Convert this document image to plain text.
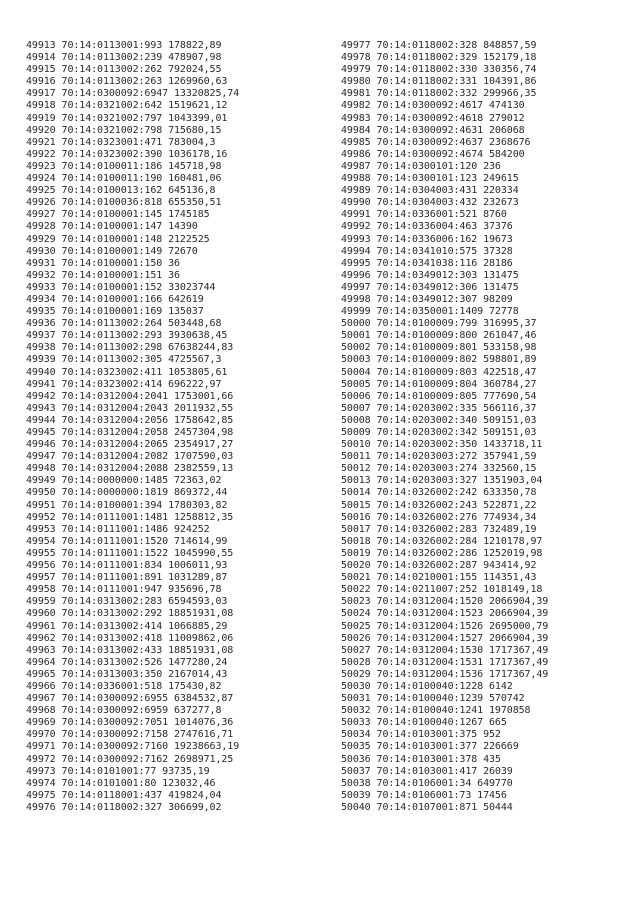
49913 70:14:0113001:993 178822,89
49914 70:14:0113002:239 478907,98
49915 70:14:0113002:262 792024,55
49916 70:14:0113002:263 1269960,63
49917 70:14:0300092:6947 13320825,74
49918 70:14:0321002:642 1519621,12
49919 70:14:0321002:797 1043399,01
49920 70:14:0321002:798 715680,15
49921 70:14:0323001:471 783004,3
49922 70:14:0323002:390 1036178,16
49923 70:14:0100011:186 145718,98
49924 70:14:0100011:190 160481,06
49925 70:14:0100013:162 645136,8
49926 70:14:0100036:818 655350,51
49927 70:14:0100001:145 1745185
49928 70:14:0100001:147 14390
49929 70:14:0100001:148 2122525
49930 70:14:0100001:149 72670
49931 70:14:0100001:150 36
49932 70:14:0100001:151 36
49933 70:14:0100001:152 33023744
49934 70:14:0100001:166 642619
49935 70:14:0100001:169 135037
49936 70:14:0113002:264 503448,68
49937 70:14:0113002:293 3930638,45
49938 70:14:0113002:298 67638244,83
49939 70:14:0113002:305 4725567,3
49940 70:14:0323002:411 1053805,61
49941 70:14:0323002:414 696222,97
49942 70:14:0312004:2041 1753001,66
49943 70:14:0312004:2043 2011932,55
49944 70:14:0312004:2056 1758642,85
49945 70:14:0312004:2058 2457304,98
49946 70:14:0312004:2065 2354917,27
49947 70:14:0312004:2082 1707590,03
49948 70:14:0312004:2088 2382559,13
49949 70:14:0000000:1485 72363,02
49950 70:14:0000000:1819 869372,44
49951 70:14:0100001:394 1780303,82
49952 70:14:0111001:1481 1258812,35
49953 70:14:0111001:1486 924252
49954 70:14:0111001:1520 714614,99
49955 70:14:0111001:1522 1045990,55
49956 70:14:0111001:834 1006011,93
49957 70:14:0111001:891 1031289,87
49958 70:14:0111001:947 935696,78
49959 70:14:0313002:283 6594593,03
49960 70:14:0313002:292 18851931,08
49961 70:14:0313002:414 1066885,29
49962 70:14:0313002:418 11009862,06
49963 70:14:0313002:433 18851931,08
49964 70:14:0313002:526 1477280,24
49965 70:14:0313003:350 2167014,43
49966 70:14:0336001:518 175430,82
49967 70:14:0300092:6955 6384532,87
49968 70:14:0300092:6959 637277,8
49969 70:14:0300092:7051 1014076,36
49970 70:14:0300092:7158 2747616,71
49971 70:14:0300092:7160 19238663,19
49972 70:14:0300092:7162 2698971,25
49973 70:14:0101001:77 93735,19
49974 70:14:0101001:80 123032,46
49975 70:14:0118001:437 419824,04
49976 70:14:0118002:327 306699,02
49977 70:14:0118002:328 848857,59
49978 70:14:0118002:329 152179,18
49979 70:14:0118002:330 330356,74
49980 70:14:0118002:331 104391,86
49981 70:14:0118002:332 299966,35
49982 70:14:0300092:4617 474130
49983 70:14:0300092:4618 279012
49984 70:14:0300092:4631 206068
49985 70:14:0300092:4637 2368676
49986 70:14:0300092:4674 584200
49987 70:14:0300101:120 236
49988 70:14:0300101:123 249615
49989 70:14:0304003:431 220334
49990 70:14:0304003:432 232673
49991 70:14:0336001:521 8760
49992 70:14:0336004:463 37376
49993 70:14:0336006:162 19673
49994 70:14:0341010:575 37328
49995 70:14:0341038:116 28186
49996 70:14:0349012:303 131475
49997 70:14:0349012:306 131475
49998 70:14:0349012:307 98209
49999 70:14:0350001:1409 72778
50000 70:14:0100009:799 316995,37
50001 70:14:0100009:800 261047,46
50002 70:14:0100009:801 533158,98
50003 70:14:0100009:802 598801,89
50004 70:14:0100009:803 422518,47
50005 70:14:0100009:804 360784,27
50006 70:14:0100009:805 777690,54
50007 70:14:0203002:335 566116,37
50008 70:14:0203002:340 509151,03
50009 70:14:0203002:342 509151,03
50010 70:14:0203002:350 1433718,11
50011 70:14:0203003:272 357941,59
50012 70:14:0203003:274 332560,15
50013 70:14:0203003:327 1351903,04
50014 70:14:0326002:242 633350,78
50015 70:14:0326002:243 522871,22
50016 70:14:0326002:276 774934,34
50017 70:14:0326002:283 732489,19
50018 70:14:0326002:284 1210178,97
50019 70:14:0326002:286 1252019,98
50020 70:14:0326002:287 943414,92
50021 70:14:0210001:155 114351,43
50022 70:14:0211007:252 1018149,18
50023 70:14:0312004:1520 2066904,39
50024 70:14:0312004:1523 2066904,39
50025 70:14:0312004:1526 2695000,79
50026 70:14:0312004:1527 2066904,39
50027 70:14:0312004:1530 1717367,49
50028 70:14:0312004:1531 1717367,49
50029 70:14:0312004:1536 1717367,49
50030 70:14:0100040:1228 6142
50031 70:14:0100040:1239 570742
50032 70:14:0100040:1241 1970858
50033 70:14:0100040:1267 665
50034 70:14:0103001:375 952
50035 70:14:0103001:377 226669
50036 70:14:0103001:378 435
50037 70:14:0103001:417 26039
50038 70:14:0106001:34 649770
50039 70:14:0106001:73 17456
50040 70:14:0107001:871 50444
